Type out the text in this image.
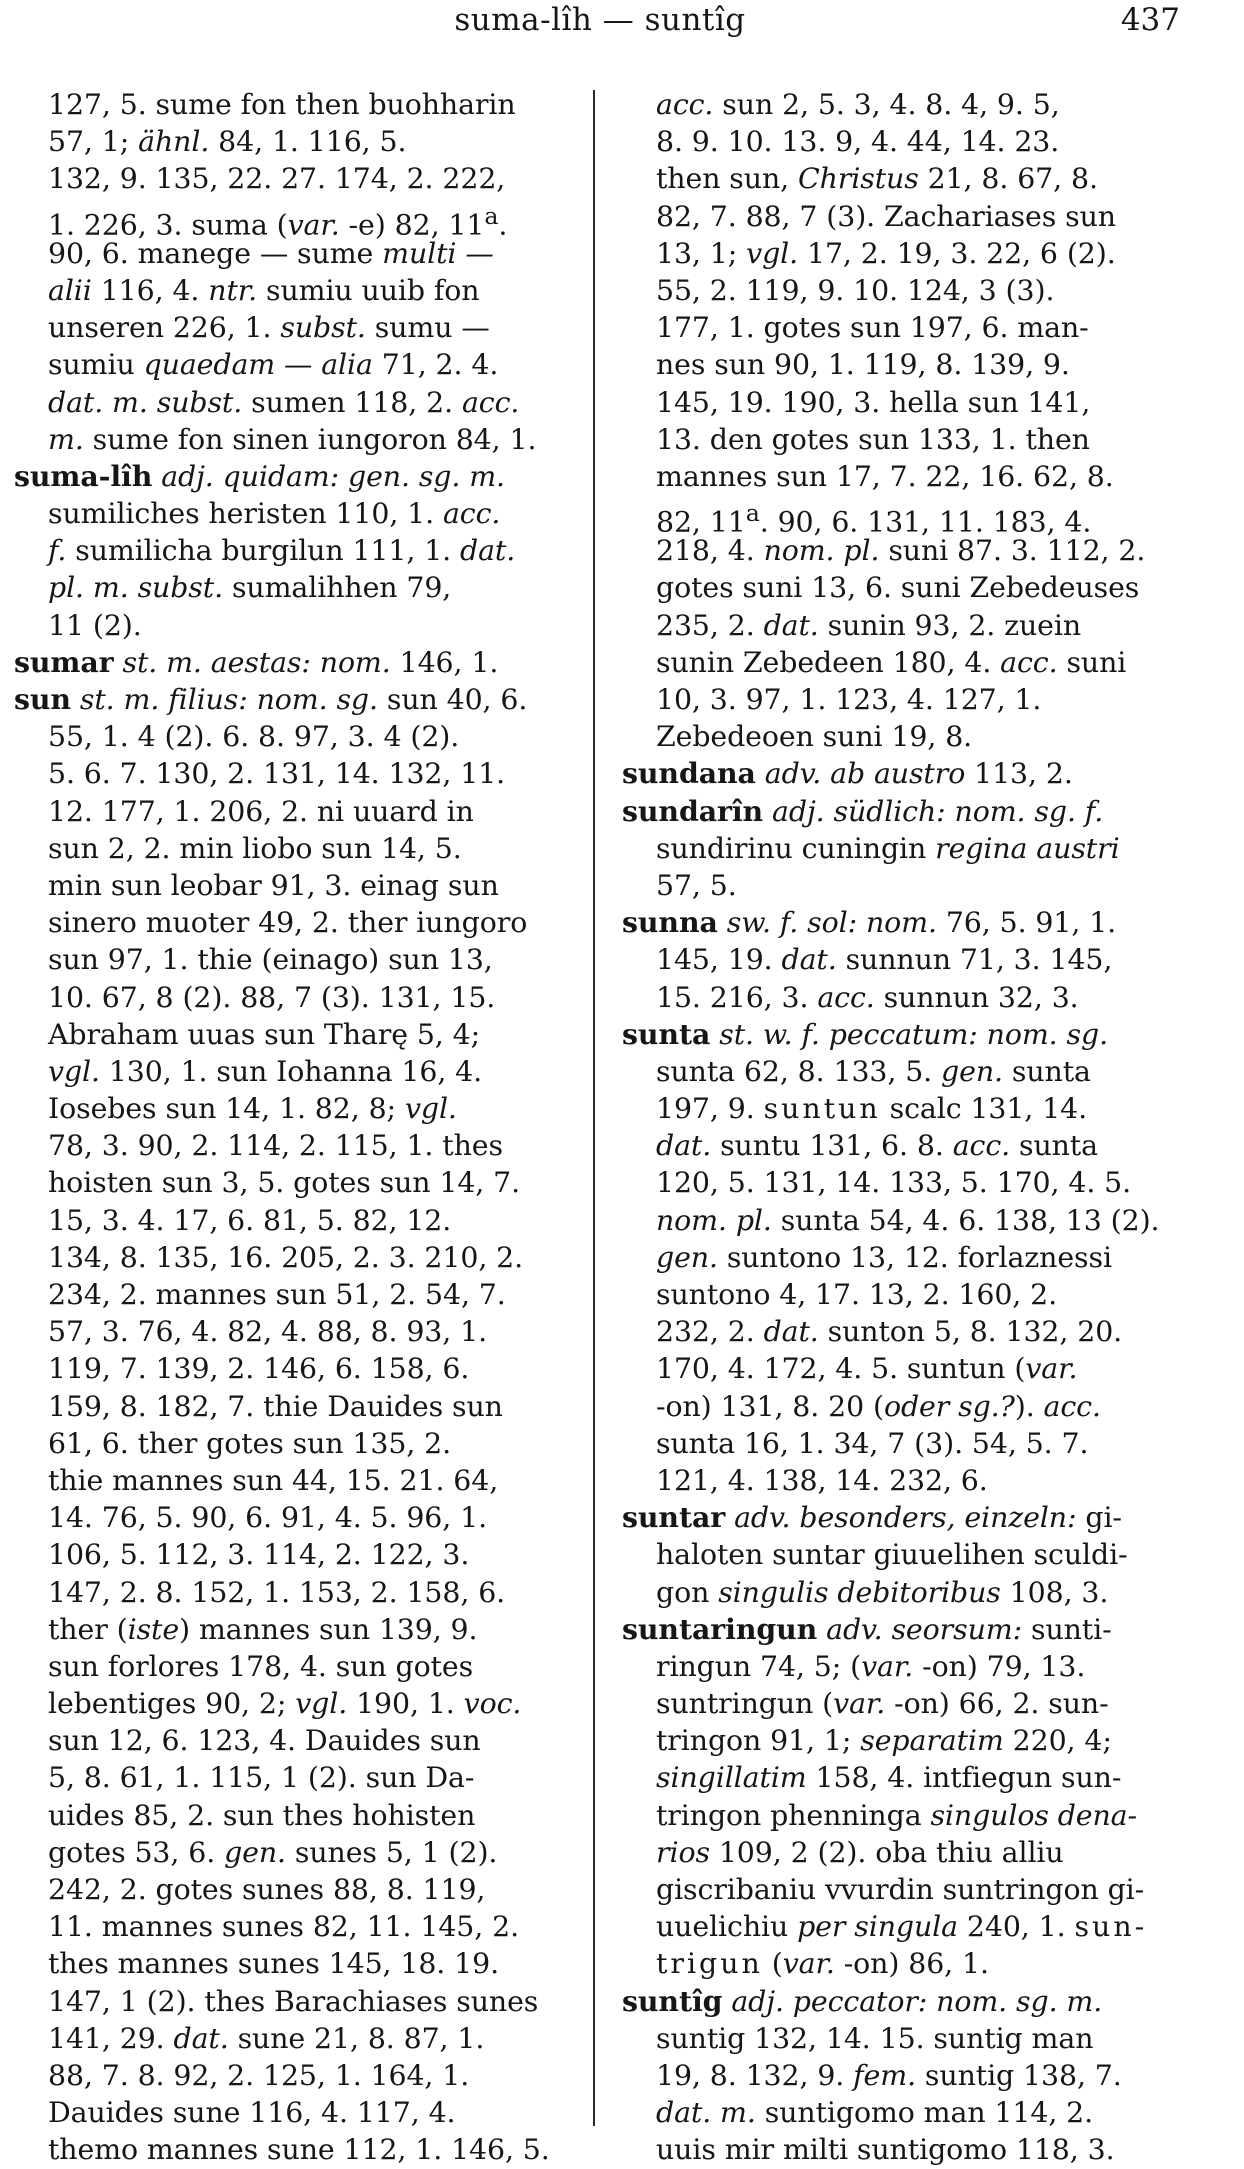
suma-lîh — suntîg	437
127, 5. sume fon then buohharin
57, 1; ähnl. 84, 1. 116, 5.
132, 9. 135, 22. 27. 174, 2. 222,
1. 226, 3. suma (var. -e) 82, 11$^a$.
90, 6. manege — sume multi —
alii 116, 4. ntr. sumiu uuib fon
unseren 226, 1. subst. sumu —
sumiu quaedam — alia 71, 2. 4.
dat. m. subst. sumen 118, 2. acc.
m. sume fon sinen iungoron 84, 1.
suma-lîh adj. quidam: gen. sg. m.
sumiliches heristen 110, 1. acc.
f. sumilicha burgilun 111, 1. dat.
pl. m. subst. sumalihhen 79,
11 (2).
sumar st. m. aestas: nom. 146, 1.
sun st. m. filius: nom. sg. sun 40, 6.
55, 1. 4 (2). 6. 8. 97, 3. 4 (2).
5. 6. 7. 130, 2. 131, 14. 132, 11.
12. 177, 1. 206, 2. ni uuard in
sun 2, 2. min liobo sun 14, 5.
min sun leobar 91, 3. einag sun
sinero muoter 49, 2. ther iungoro
sun 97, 1. thie (einago) sun 13,
10. 67, 8 (2). 88, 7 (3). 131, 15.
Abraham uuas sun Tharę 5, 4;
vgl. 130, 1. sun Iohanna 16, 4.
Iosebes sun 14, 1. 82, 8; vgl.
78, 3. 90, 2. 114, 2. 115, 1. thes
hoisten sun 3, 5. gotes sun 14, 7.
15, 3. 4. 17, 6. 81, 5. 82, 12.
134, 8. 135, 16. 205, 2. 3. 210, 2.
234, 2. mannes sun 51, 2. 54, 7.
57, 3. 76, 4. 82, 4. 88, 8. 93, 1.
119, 7. 139, 2. 146, 6. 158, 6.
159, 8. 182, 7. thie Dauides sun
61, 6. ther gotes sun 135, 2.
thie mannes sun 44, 15. 21. 64,
14. 76, 5. 90, 6. 91, 4. 5. 96, 1.
106, 5. 112, 3. 114, 2. 122, 3.
147, 2. 8. 152, 1. 153, 2. 158, 6.
ther (iste) mannes sun 139, 9.
sun forlores 178, 4. sun gotes
lebentiges 90, 2; vgl. 190, 1. voc.
sun 12, 6. 123, 4. Dauides sun
5, 8. 61, 1. 115, 1 (2). sun Da-
uides 85, 2. sun thes hohisten
gotes 53, 6. gen. sunes 5, 1 (2).
242, 2. gotes sunes 88, 8. 119,
11. mannes sunes 82, 11. 145, 2.
thes mannes sunes 145, 18. 19.
147, 1 (2). thes Barachiases sunes
141, 29. dat. sune 21, 8. 87, 1.
88, 7. 8. 92, 2. 125, 1. 164, 1.
Dauides sune 116, 4. 117, 4.
themo mannes sune 112, 1. 146, 5.
acc. sun 2, 5. 3, 4. 8. 4, 9. 5,
8. 9. 10. 13. 9, 4. 44, 14. 23.
then sun, Christus 21, 8. 67, 8.
82, 7. 88, 7 (3). Zachariases sun
13, 1; vgl. 17, 2. 19, 3. 22, 6 (2).
55, 2. 119, 9. 10. 124, 3 (3).
177, 1. gotes sun 197, 6. man-
nes sun 90, 1. 119, 8. 139, 9.
145, 19. 190, 3. hella sun 141,
13. den gotes sun 133, 1. then
mannes sun 17, 7. 22, 16. 62, 8.
82, 11$^a$. 90, 6. 131, 11. 183, 4.
218, 4. nom. pl. suni 87. 3. 112, 2.
gotes suni 13, 6. suni Zebedeuses
235, 2. dat. sunin 93, 2. zuein
sunin Zebedeen 180, 4. acc. suni
10, 3. 97, 1. 123, 4. 127, 1.
Zebedeoen suni 19, 8.
sundana adv. ab austro 113, 2.
sundarîn adj. südlich: nom. sg. f.
sundirinu cuningin regina austri
57, 5.
sunna sw. f. sol: nom. 76, 5. 91, 1.
145, 19. dat. sunnun 71, 3. 145,
15. 216, 3. acc. sunnun 32, 3.
sunta st. w. f. peccatum: nom. sg.
sunta 62, 8. 133, 5. gen. sunta
197, 9. suntun scalc 131, 14.
dat. suntu 131, 6. 8. acc. sunta
120, 5. 131, 14. 133, 5. 170, 4. 5.
nom. pl. sunta 54, 4. 6. 138, 13 (2).
gen. suntono 13, 12. forlaznessi
suntono 4, 17. 13, 2. 160, 2.
232, 2. dat. sunton 5, 8. 132, 20.
170, 4. 172, 4. 5. suntun (var.
-on) 131, 8. 20 (oder sg.?). acc.
sunta 16, 1. 34, 7 (3). 54, 5. 7.
121, 4. 138, 14. 232, 6.
suntar adv. besonders, einzeln: gi-
haloten suntar giuuelihen sculdi-
gon singulis debitoribus 108, 3.
suntaringun adv. seorsum: sunti-
ringun 74, 5; (var. -on) 79, 13.
suntringun (var. -on) 66, 2. sun-
tringon 91, 1; separatim 220, 4;
singillatim 158, 4. intfiegun sun-
tringon phenninga singulos dena-
rios 109, 2 (2). oba thiu alliu
giscribaniu vvurdin suntringon gi-
uuelichiu per singula 240, 1. sun-
trigun (var. -on) 86, 1.
suntîg adj. peccator: nom. sg. m.
suntig 132, 14. 15. suntig man
19, 8. 132, 9. fem. suntig 138, 7.
dat. m. suntigomo man 114, 2.
uuis mir milti suntigomo 118, 3.
